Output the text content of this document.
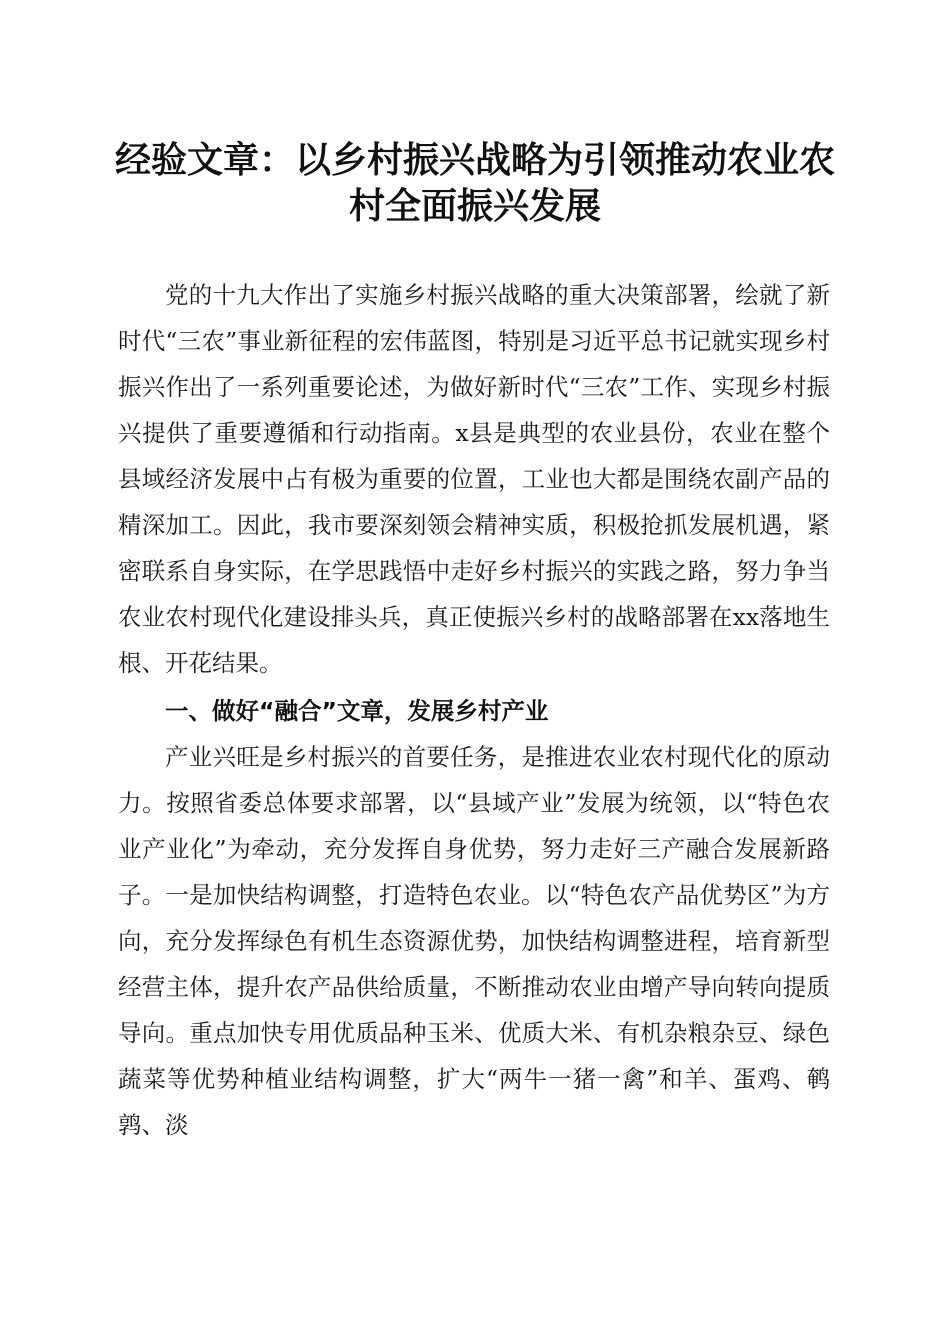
经验文章：以乡村振兴战略为引领推动农业农村全面振兴发展

党的十九大作出了实施乡村振兴战略的重大决策部署，绘就了新时代“三农”事业新征程的宏伟蓝图，特别是习近平总书记就实现乡村振兴作出了一系列重要论述，为做好新时代“三农”工作、实现乡村振兴提供了重要遵循和行动指南。x县是典型的农业县份，农业在整个县域经济发展中占有极为重要的位置，工业也大都是围绕农副产品的精深加工。因此，我市要深刻领会精神实质，积极抢抓发展机遇，紧密联系自身实际，在学思践悟中走好乡村振兴的实践之路，努力争当农业农村现代化建设排头兵，真正使振兴乡村的战略部署在xx落地生根、开花结果。

一、做好“融合”文章，发展乡村产业

产业兴旺是乡村振兴的首要任务，是推进农业农村现代化的原动力。按照省委总体要求部署，以“县域产业”发展为统领，以“特色农业产业化”为牵动，充分发挥自身优势，努力走好三产融合发展新路子。一是加快结构调整，打造特色农业。以“特色农产品优势区”为方向，充分发挥绿色有机生态资源优势，加快结构调整进程，培育新型经营主体，提升农产品供给质量，不断推动农业由增产导向转向提质导向。重点加快专用优质品种玉米、优质大米、有机杂粮杂豆、绿色蔬菜等优势种植业结构调整，扩大“两牛一猪一禽”和羊、蛋鸡、鹌鹑、淡
